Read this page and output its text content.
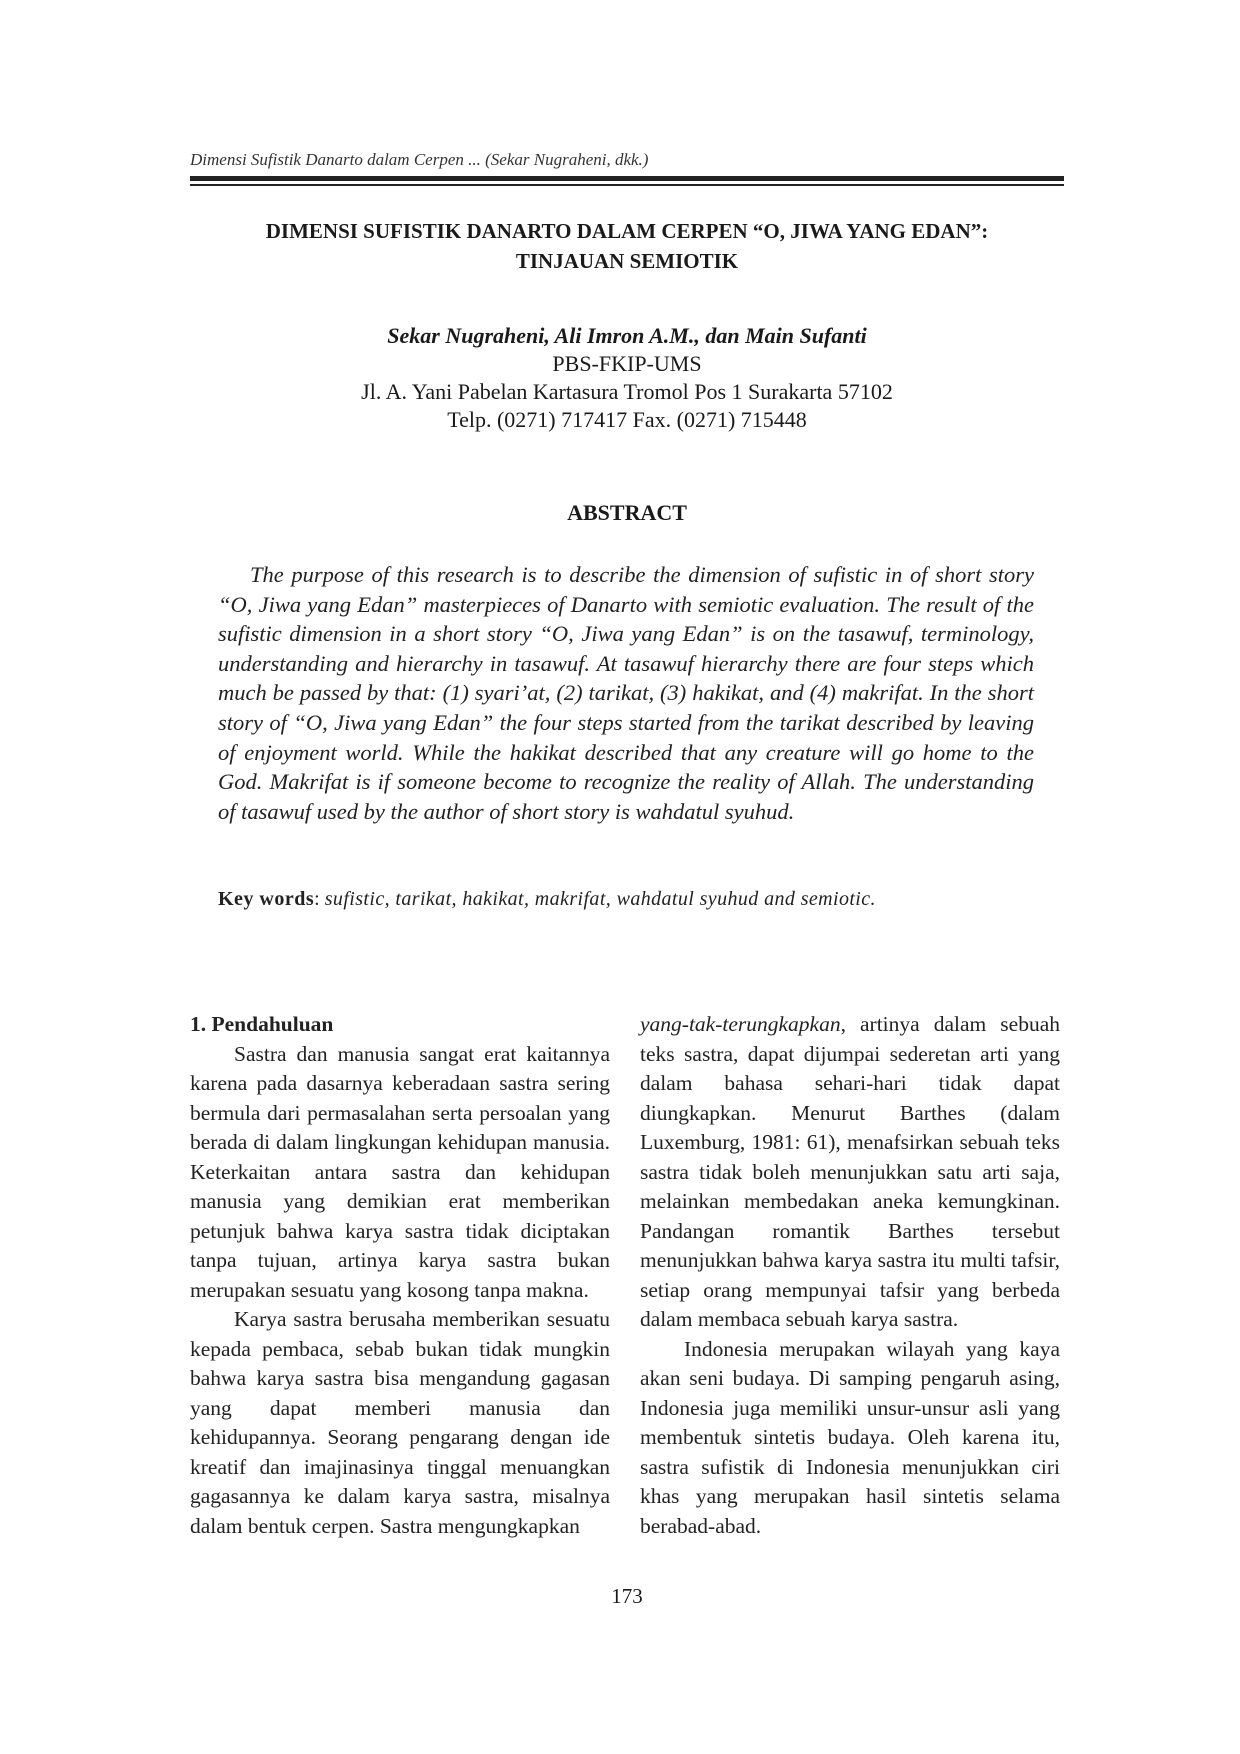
Dimensi Sufistik Danarto dalam Cerpen ... (Sekar Nugraheni, dkk.)
DIMENSI SUFISTIK DANARTO DALAM CERPEN “O, JIWA YANG EDAN”:
TINJAUAN SEMIOTIK
Sekar Nugraheni, Ali Imron A.M., dan Main Sufanti
PBS-FKIP-UMS
Jl. A. Yani Pabelan Kartasura Tromol Pos 1 Surakarta 57102
Telp. (0271) 717417 Fax. (0271) 715448
ABSTRACT

The purpose of this research is to describe the dimension of sufistic in of short story “O, Jiwa yang Edan” masterpieces of Danarto with semiotic evaluation. The result of the sufistic dimension in a short story “O, Jiwa yang Edan” is on the tasawuf, terminology, understanding and hierarchy in tasawuf. At tasawuf hierarchy there are four steps which much be passed by that: (1) syari’at, (2) tarikat, (3) hakikat, and (4) makrifat. In the short story of “O, Jiwa yang Edan” the four steps started from the tarikat described by leaving of enjoyment world. While the hakikat described that any creature will go home to the God. Makrifat is if someone become to recognize the reality of Allah. The understanding of tasawuf used by the author of short story is wahdatul syuhud.

Key words: sufistic, tarikat, hakikat, makrifat, wahdatul syuhud and semiotic.

1. Pendahuluan

Sastra dan manusia sangat erat kaitannya karena pada dasarnya keberadaan sastra sering bermula dari permasalahan serta persoalan yang berada di dalam lingkungan kehidupan manusia. Keterkaitan antara sastra dan kehidupan manusia yang demikian erat memberikan petunjuk bahwa karya sastra tidak diciptakan tanpa tujuan, artinya karya sastra bukan merupakan sesuatu yang kosong tanpa makna.

Karya sastra berusaha memberikan sesuatu kepada pembaca, sebab bukan tidak mungkin bahwa karya sastra bisa mengandung gagasan yang dapat memberi manusia dan kehidupannya. Seorang pengarang dengan ide kreatif dan imajinasinya tinggal menuangkan gagasannya ke dalam karya sastra, misalnya dalam bentuk cerpen. Sastra mengungkapkan

yang-tak-terungkapkan, artinya dalam sebuah teks sastra, dapat dijumpai sederetan arti yang dalam bahasa sehari-hari tidak dapat diungkapkan. Menurut Barthes (dalam Luxemburg, 1981: 61), menafsirkan sebuah teks sastra tidak boleh menunjukkan satu arti saja, melainkan membedakan aneka kemungkinan. Pandangan romantik Barthes tersebut menunjukkan bahwa karya sastra itu multi tafsir, setiap orang mempunyai tafsir yang berbeda dalam membaca sebuah karya sastra.

Indonesia merupakan wilayah yang kaya akan seni budaya. Di samping pengaruh asing, Indonesia juga memiliki unsur-unsur asli yang membentuk sintetis budaya. Oleh karena itu, sastra sufistik di Indonesia menunjukkan ciri khas yang merupakan hasil sintetis selama berabad-abad.

173
